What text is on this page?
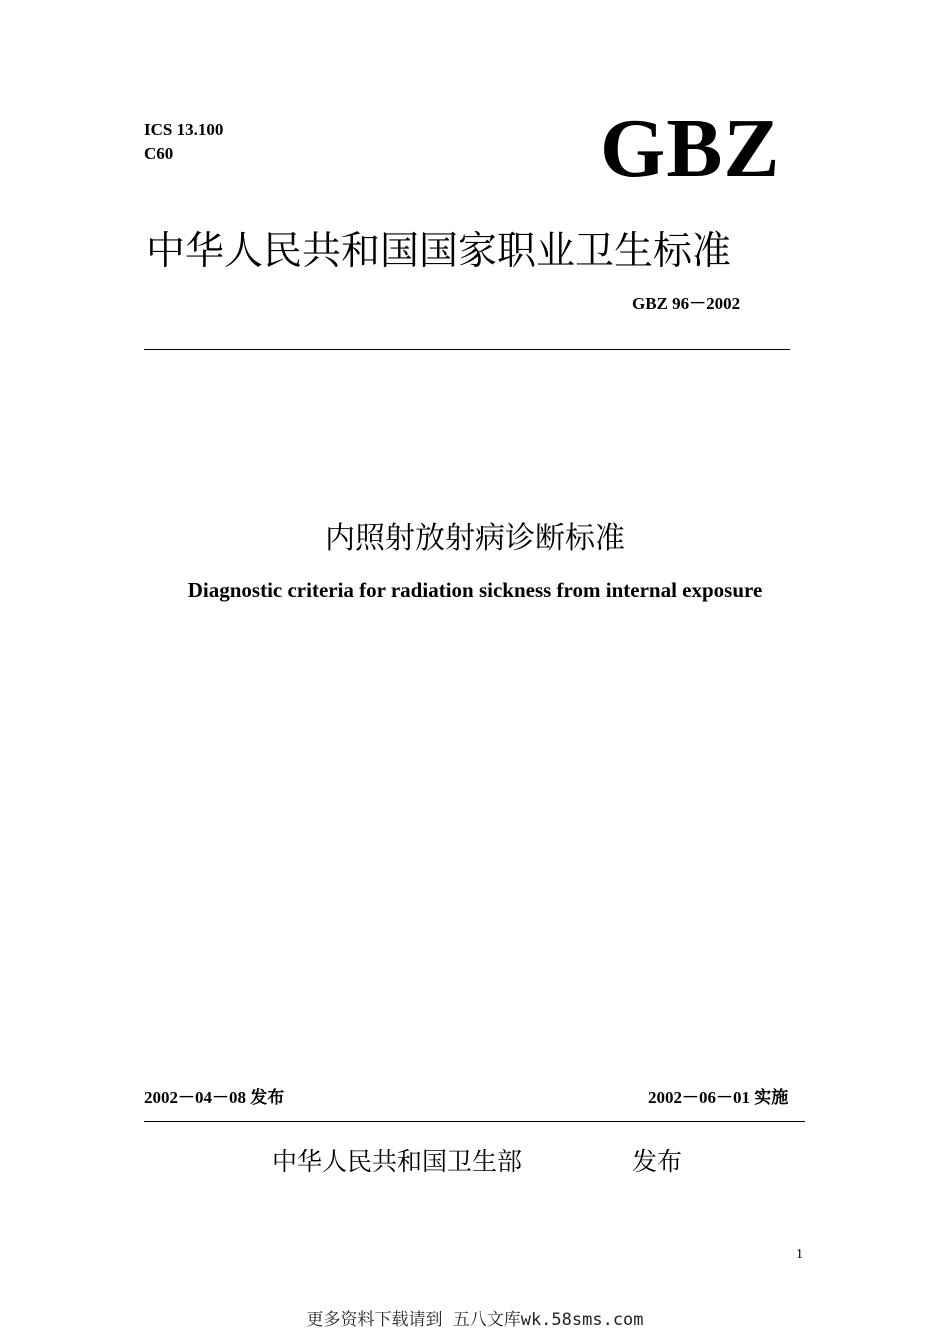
ICS 13.100
C60	GBZ
中华人民共和国国家职业卫生标准
GBZ 96－2002
内照射放射病诊断标准
Diagnostic criteria for radiation sickness from internal exposure
2002－04－08 发布	2002－06－01 实施
中华人民共和国卫生部	发布
1
更多资料下载请到 五八文库wk.58sms.com
